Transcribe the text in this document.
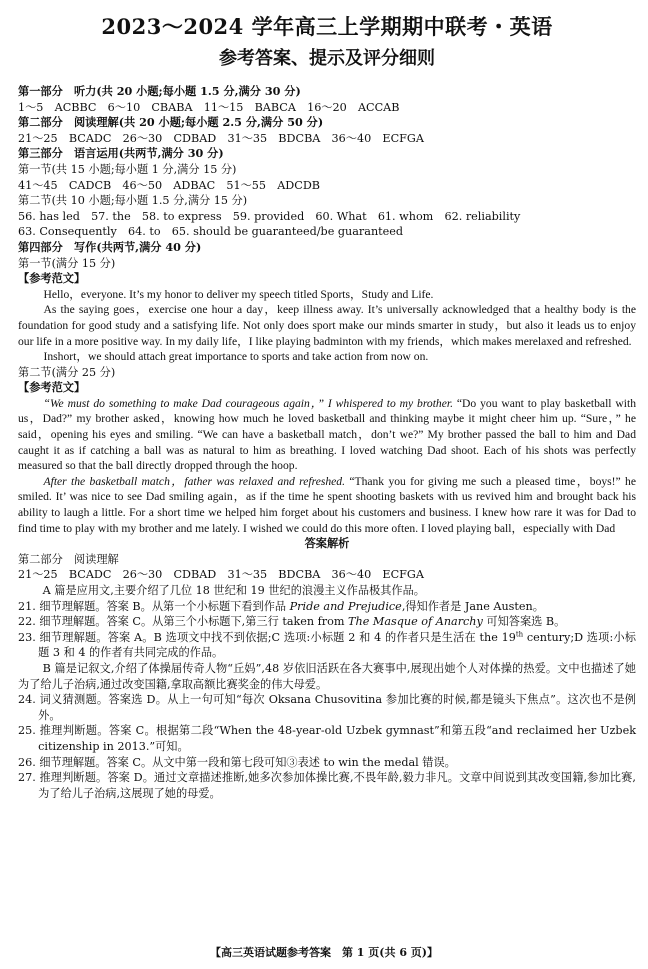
2023～2024 学年高三上学期期中联考・英语
参考答案、提示及评分细则

第一部分　听力(共 20 小题;每小题 1.5 分,满分 30 分)

1～5　ACBBC　6～10　CBABA　11～15　BABCA　16～20　ACCAB

第二部分　阅读理解(共 20 小题;每小题 2.5 分,满分 50 分)

21～25　BCADC　26～30　CDBAD　31～35　BDCBA　36～40　ECFGA

第三部分　语言运用(共两节,满分 30 分)

第一节(共 15 小题;每小题 1 分,满分 15 分)

41～45　CADCB　46～50　ADBAC　51～55　ADCDB

第二节(共 10 小题;每小题 1.5 分,满分 15 分)

56. has led　57. the　58. to express　59. provided　60. What　61. whom　62. reliability

63. Consequently　64. to　65. should be guaranteed/be guaranteed

第四部分　写作(共两节,满分 40 分)

第一节(满分 15 分)

【参考范文】

Hello，everyone. It’s my honor to deliver my speech titled Sports，Study and Life.

As the saying goes，exercise one hour a day，keep illness away. It’s universally acknowledged that a healthy body is the foundation for good study and a satisfying life. Not only does sport make our minds smarter in study，but also it leads us to enjoy our life in a more positive way. In my daily life，I like playing badminton with my friends，which makes merelaxed and refreshed.

Inshort，we should attach great importance to sports and take action from now on.

第二节(满分 25 分)

【参考范文】

“We must do something to make Dad courageous again，” I whispered to my brother. “Do you want to play basketball with us，Dad?” my brother asked，knowing how much he loved basketball and thinking maybe it might cheer him up. “Sure，” he said，opening his eyes and smiling. “We can have a basketball match，don’t we?” My brother passed the ball to him and Dad caught it as if catching a ball was as natural to him as breathing. I loved watching Dad shoot. Each of his shots was perfectly measured so that the ball directly dropped through the hoop.

After the basketball match，father was relaxed and refreshed. “Thank you for giving me such a pleased time，boys!” he smiled. It’ was nice to see Dad smiling again，as if the time he spent shooting baskets with us revived him and brought back his ability to laugh a little. For a short time we helped him forget about his customers and business. I knew how rare it was for Dad to find time to play with my brother and me lately. I wished we could do this more often. I loved playing ball，especially with Dad

答案解析

第二部分　阅读理解

21～25　BCADC　26～30　CDBAD　31～35　BDCBA　36～40　ECFGA

A 篇是应用文,主要介绍了几位 18 世纪和 19 世纪的浪漫主义作品极其作品。

21. 细节理解题。答案 B。从第一个小标题下看到作品 Pride and Prejudice,得知作者是 Jane Austen。

22. 细节理解题。答案 C。从第三个小标题下,第三行 taken from The Masque of Anarchy 可知答案选 B。

23. 细节理解题。答案 A。B 选项文中找不到依据;C 选项:小标题 2 和 4 的作者只是生活在 the 19th century;D 选项:小标题 3 和 4 的作者有共同完成的作品。

B 篇是记叙文,介绍了体操届传奇人物“丘妈”,48 岁依旧活跃在各大赛事中,展现出她个人对体操的热爱。文中也描述了她为了给儿子治病,通过改变国籍,拿取高额比赛奖金的伟大母爱。

24. 词义猜测题。答案选 D。从上一句可知“每次 Oksana Chusovitina 参加比赛的时候,都是镜头下焦点”。这次也不是例外。

25. 推理判断题。答案 C。根据第二段“When the 48-year-old Uzbek gymnast”和第五段“and reclaimed her Uzbek citizenship in 2013.”可知。

26. 细节理解题。答案 C。从文中第一段和第七段可知③表述 to win the medal 错误。

27. 推理判断题。答案 D。通过文章描述推断,她多次参加体操比赛,不畏年龄,毅力非凡。文章中间说到其改变国籍,参加比赛,为了给儿子治病,这展现了她的母爱。

【高三英语试题参考答案　第 1 页(共 6 页)】
